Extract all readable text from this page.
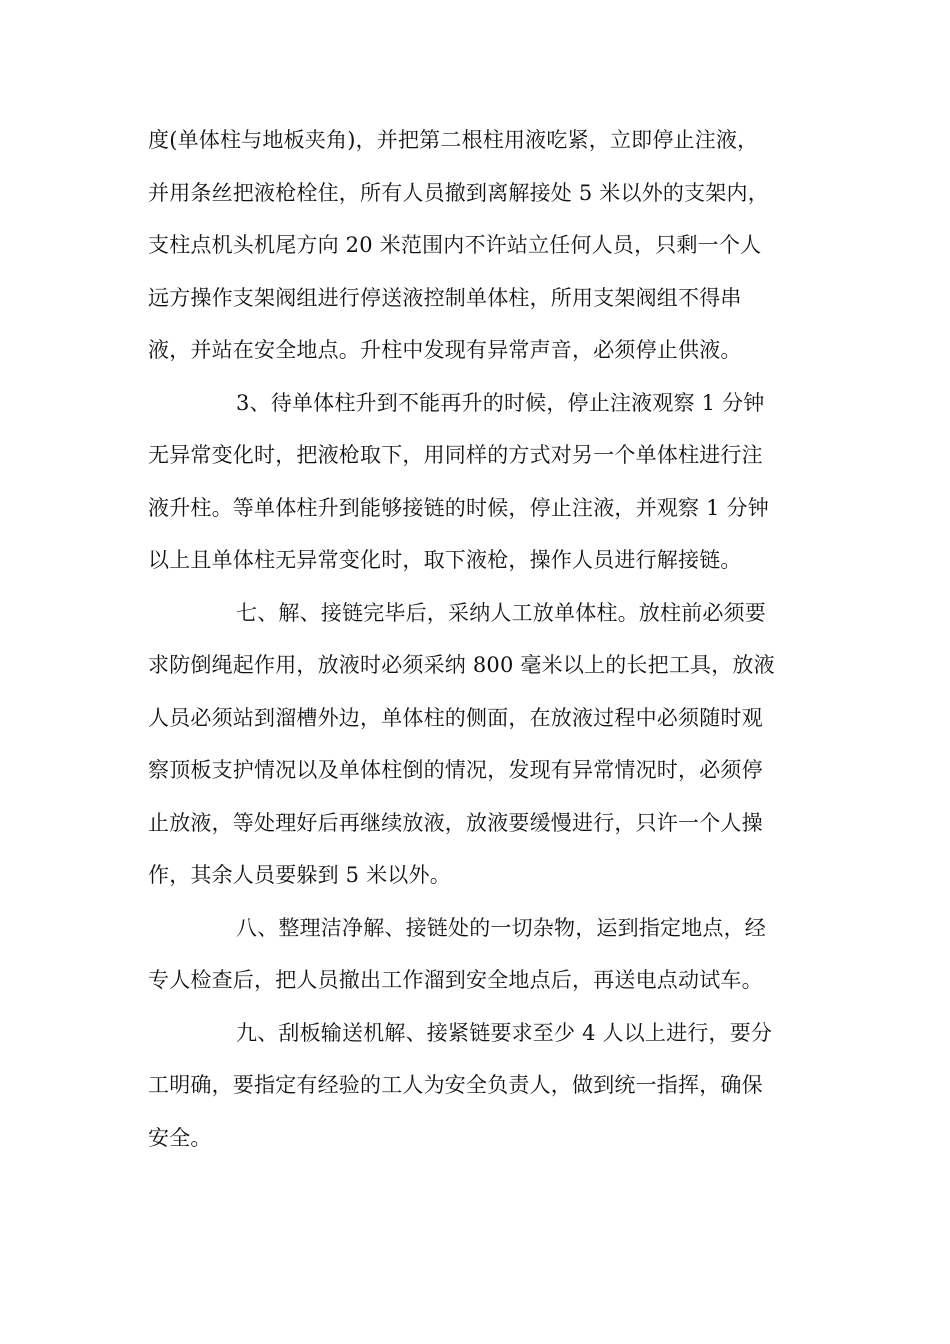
度(单体柱与地板夹角)，并把第二根柱用液吃紧，立即停止注液，
并用条丝把液枪栓住，所有人员撤到离解接处 5 米以外的支架内，
支柱点机头机尾方向 20 米范围内不许站立任何人员，只剩一个人
远方操作支架阀组进行停送液控制单体柱，所用支架阀组不得串
液，并站在安全地点。升柱中发现有异常声音，必须停止供液。
3、待单体柱升到不能再升的时候，停止注液观察 1 分钟
无异常变化时，把液枪取下，用同样的方式对另一个单体柱进行注
液升柱。等单体柱升到能够接链的时候，停止注液，并观察 1 分钟
以上且单体柱无异常变化时，取下液枪，操作人员进行解接链。
七、解、接链完毕后，采纳人工放单体柱。放柱前必须要
求防倒绳起作用，放液时必须采纳 800 毫米以上的长把工具，放液
人员必须站到溜槽外边，单体柱的侧面，在放液过程中必须随时观
察顶板支护情况以及单体柱倒的情况，发现有异常情况时，必须停
止放液，等处理好后再继续放液，放液要缓慢进行，只许一个人操
作，其余人员要躲到 5 米以外。
八、整理洁净解、接链处的一切杂物，运到指定地点，经
专人检查后，把人员撤出工作溜到安全地点后，再送电点动试车。
九、刮板输送机解、接紧链要求至少 4 人以上进行，要分
工明确，要指定有经验的工人为安全负责人，做到统一指挥，确保
安全。
